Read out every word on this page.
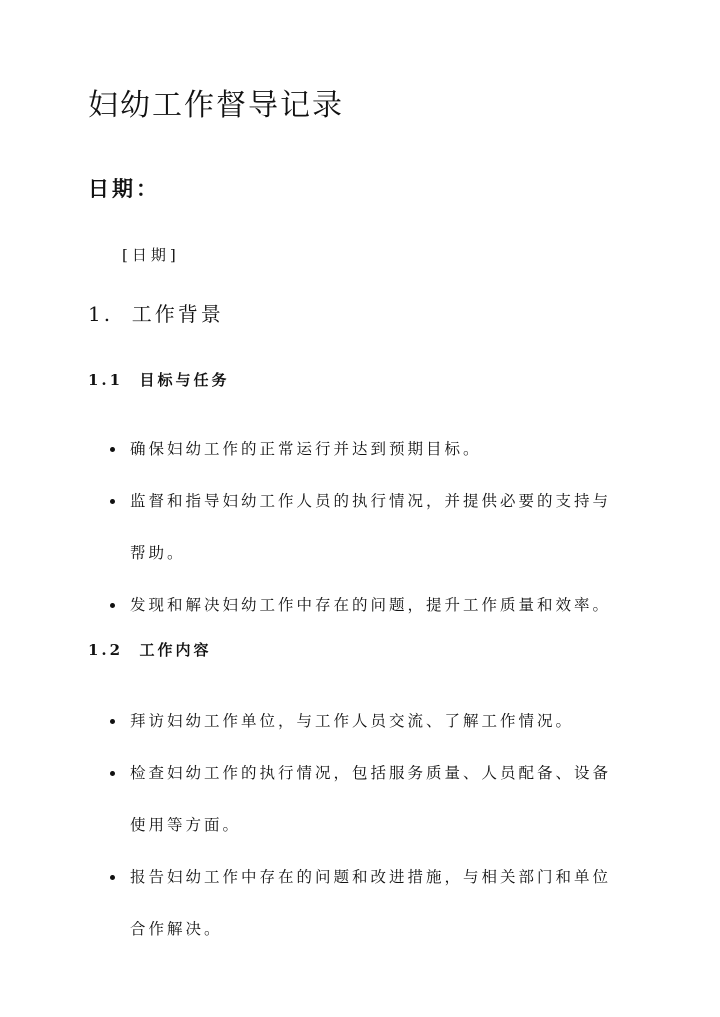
妇幼工作督导记录
日期：

[日期]

1.  工作背景
1.1  目标与任务
确保妇幼工作的正常运行并达到预期目标。
监督和指导妇幼工作人员的执行情况，并提供必要的支持与帮助。
发现和解决妇幼工作中存在的问题，提升工作质量和效率。
1.2  工作内容
拜访妇幼工作单位，与工作人员交流、了解工作情况。
检查妇幼工作的执行情况，包括服务质量、人员配备、设备使用等方面。
报告妇幼工作中存在的问题和改进措施，与相关部门和单位合作解决。
